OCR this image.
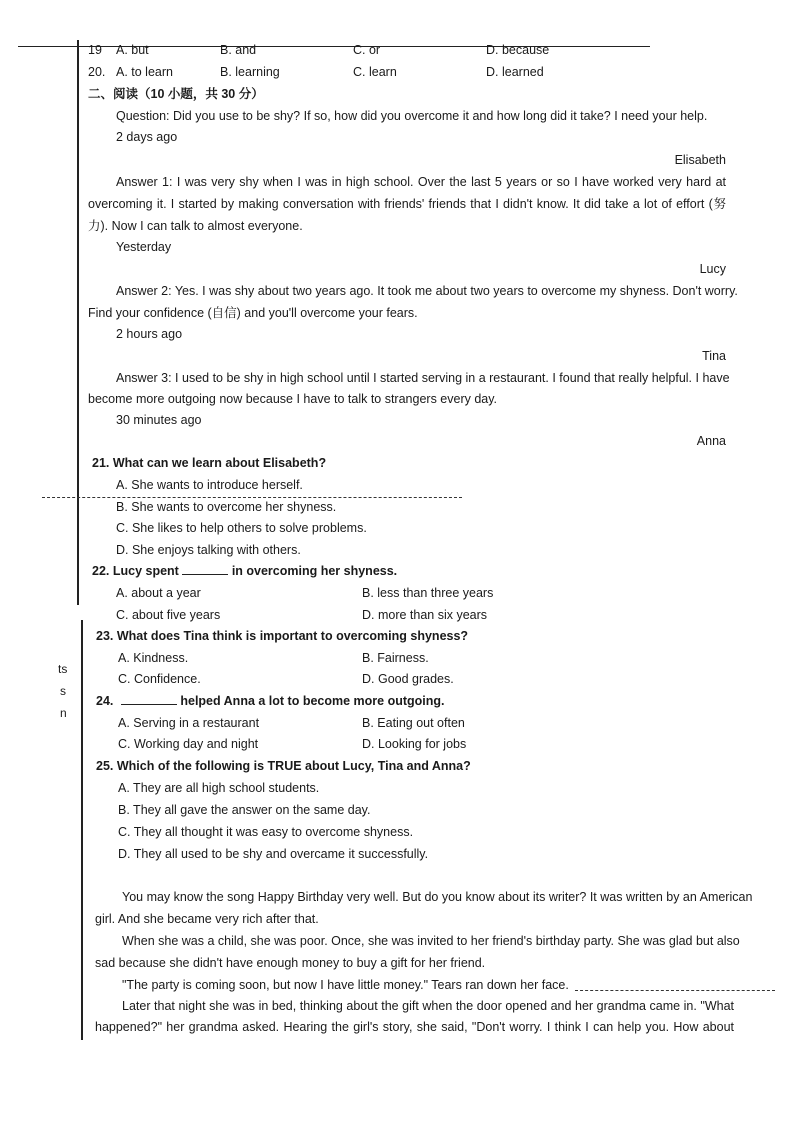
19 A. but	B. and	C. or	D. because
20. A. to learn	B. learning	C. learn	D. learned
二、阅读（10 小题，共 30 分）
Question: Did you use to be shy? If so, how did you overcome it and how long did it take? I need your help.
2 days ago
Elisabeth
Answer 1: I was very shy when I was in high school. Over the last 5 years or so I have worked very hard at
overcoming it. I started by making conversation with friends' friends that I didn't know. It did take a lot of effort (努
力). Now I can talk to almost everyone.
Yesterday
Lucy
Answer 2: Yes. I was shy about two years ago. It took me about two years to overcome my shyness. Don't worry.
Find your confidence (自信) and you'll overcome your fears.
2 hours ago
Tina
Answer 3: I used to be shy in high school until I started serving in a restaurant. I found that really helpful. I have
become more outgoing now because I have to talk to strangers every day.
30 minutes ago
Anna
21. What can we learn about Elisabeth?
A. She wants to introduce herself.
B. She wants to overcome her shyness.
C. She likes to help others to solve problems.
D. She enjoys talking with others.
22. Lucy spent	in overcoming her shyness.
A. about a year	B. less than three years
C. about five years	D. more than six years
23. What does Tina think is important to overcoming shyness?
A. Kindness.	B. Fairness.
C. Confidence.	D. Good grades.
24.	helped Anna a lot to become more outgoing.
A. Serving in a restaurant	B. Eating out often
C. Working day and night	D. Looking for jobs
25. Which of the following is TRUE about Lucy, Tina and Anna?
A. They are all high school students.
B. They all gave the answer on the same day.
C. They all thought it was easy to overcome shyness.
D. They all used to be shy and overcame it successfully.
You may know the song Happy Birthday very well. But do you know about its writer? It was written by an American
girl. And she became very rich after that.
When she was a child, she was poor. Once, she was invited to her friend's birthday party. She was glad but also
sad because she didn't have enough money to buy a gift for her friend.
"The party is coming soon, but now I have little money." Tears ran down her face.
Later that night she was in bed, thinking about the gift when the door opened and her grandma came in. "What
happened?" her grandma asked. Hearing the girl's story, she said, "Don't worry. I think I can help you. How about
ts
s
n
